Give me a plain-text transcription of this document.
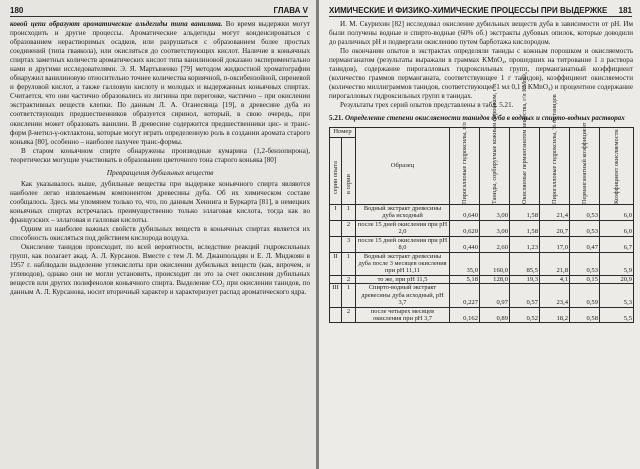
180	ГЛАВА V

ковой цепи образуют ароматические альдегиды типа ванилина. Во время выдержки могут происходить и другие процессы. Ароматические альдегиды могут конденсироваться с образованием нерастворимых осадков, или разрушаться с образованием более простых соединений (типа гваякола), или окисляться до соответствующих кислот. Наличие в коньячных спиртах заметных количеств ароматических кислот типа ванилиновой доказано экспериментально нами и другими исследователями. Э. Я. Мартыненко [79] методом жидкостной хроматографии обнаружил ванилиновую относительно точнее количества кориячной, п-оксибензойной, сиреневой и феруловой кислот, а также галловую кислоту и молодых и выдержанных коньячных спиртах. Считается, что они частично образовались из лигнина при перегонке, частично – при окислении экстрактивных веществ клепки. По данным Л. А. Оганесянца [19], в древесине дуба из соответствующих предшественников образуется сиринол, который, в свою очередь, при окислении может образовать ванилин. В древесине содержится предшественники цис- и транс-форм β-метил-γ-октлактона, которые могут играть определенную роль в создании аромата старого коньяка [80], особенно – наиболее пахучее транс-формы.

В старом коньячном спирте обнаружены производные кумарина (1,2-бензопирона), теоретически могущие участвовать в образовании цветочного тона старого коньяка [80]

Превращения дубильных веществ

Как указывалось выше, дубильные вещества при выдержке коньячного спирта являются наиболее легко извлекаемым компонентом древесины дуба. Об их химическом составе сообщалось. Здесь мы упомянем только то, что, по данным Хеннига и Буркарта [81], в немецких коньячных спиртах встречалась преимущественно только эллаговая кислота, тогда как во французских – эллаговая и галловая кислоты.

Одним из наиболее важных свойств дубильных веществ в коньячных спиртах является их способность окисляться под действием кислорода воздуха.

Окисление танидов происходит, по всей вероятности, вследствие реакций гидроксильных групп, как полагает акад. А. Л. Курсанов. Вместе с тем Л. М. Джанполадян и Е. Л. Мнджоян в 1957 г. наблюдали выделение углекислоты при окислении дубильных веществ (как, впрочем, и углеводов), однако они не могли установить, происходит ли это за счет окисления дубильных веществ или других полифенолов коньячного спирта. Выделение CO₂ при окислении танидов, по данным А. Л. Курсанова, носит вторичный характер и характеризует распад ароматического ядра.

ХИМИЧЕСКИЕ И ФИЗИКО-ХИМИЧЕСКИЕ ПРОЦЕССЫ ПРИ ВЫДЕРЖКЕ 181

И. М. Скурихин [82] исследовал окисление дубильных веществ дуба в зависимости от pH. Им были получены водные и спирто-водные (60% об.) экстракты дубовых опилок, которые доводили до различных pH и подвергали окислению путем барботажа кислородом.

По окончании опытов в экстрактах определяли таниды с кожным порошком и окисляемость перманганатом (результаты выражали в граммах KMnO₄, прошедших на титрование 1 л раствора танидов), содержание пирогалловых гидроксильных групп, перманганатный коэффициент (количество граммов перманганата, соответствующее 1 г танидов), коэффициент окисляемости (количество миллиграммов танидов, соответствующее 1 мл 0,1 н KMnO₄) и процентное содержание пирогалловых гидроксильных групп в танидах.

Результаты трех серий опытов представлены в табл. 5.21.

5.21. Определение степени окисляемости танидов дуба в водных и спирто-водных растворах
Номер		Образец	Пирогалловые гидроксилы, г/л	Таниды, сорбируемые кожным порошком, г/л	Окисляемые перманганатом вещества, г/л KMnO₄	Пирогалловые гидроксилы, % от танидов	Перманганатный коэффициент	Коэффициент окисляемости

серии опыта	в серии							

I	1	Водный экстракт древесины дуба исходный	0,640	3,00	1,58	21,4	0,53	6,0
	2	после 15 дней окисления при pH 2,0	0,620	3,00	1,58	20,7	0,53	6,0
	3	после 15 дней окисления при pH 8,0	0,440	2,60	1,23	17,0	0,47	6,7
II	1	Водный экстракт древесины дуба после 3 месяцев окисления при pH 11,11	35,0	160,0	85,5	21,8	0,53	5,9
	2	то же, при pH 11,5	5,18	128,0	19,3	4,1	0,15	20,9
III	1	Спирто-водный экстракт древесины дуба исходный, pH 3,7	0,227	0,97	0,57	23,4	0,59	5,3
	2	после четырех месяцев окисления при pH 3,7	0,162	0,89	0,52	18,2	0,58	5,5
